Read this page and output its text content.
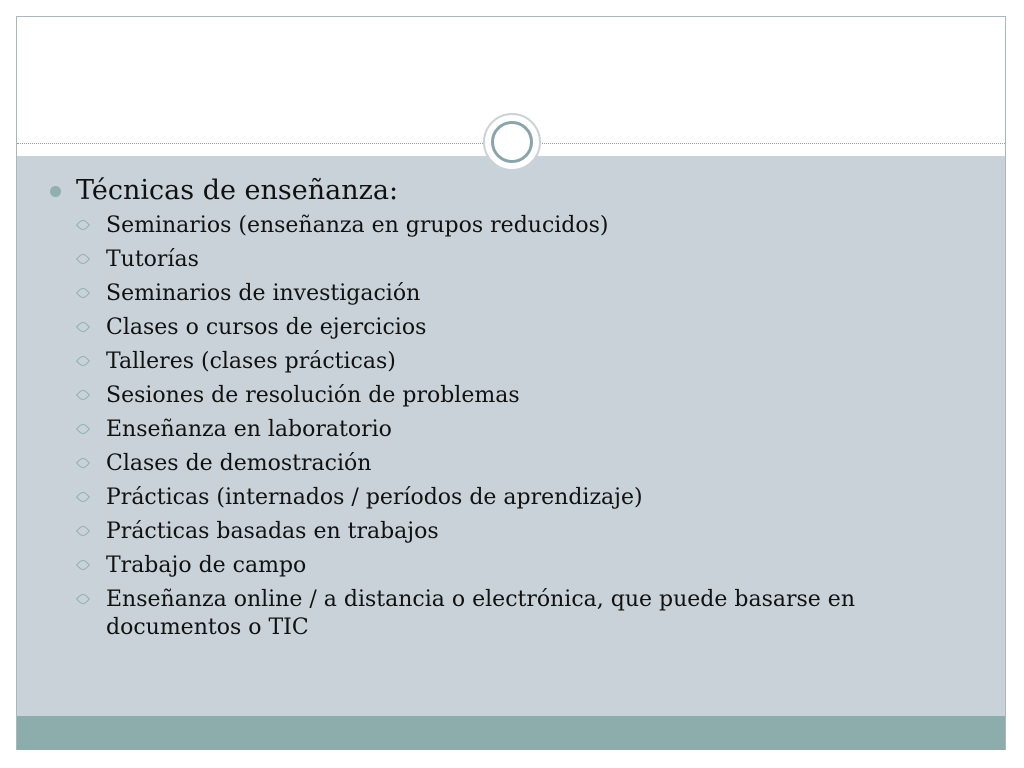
Técnicas de enseñanza:
Seminarios (enseñanza en grupos reducidos)
Tutorías
Seminarios de investigación
Clases o cursos de ejercicios
Talleres (clases prácticas)
Sesiones de resolución de problemas
Enseñanza en laboratorio
Clases de demostración
Prácticas (internados / períodos de aprendizaje)
Prácticas basadas en trabajos
Trabajo de campo
Enseñanza online / a distancia o electrónica, que puede basarse en documentos o TIC
